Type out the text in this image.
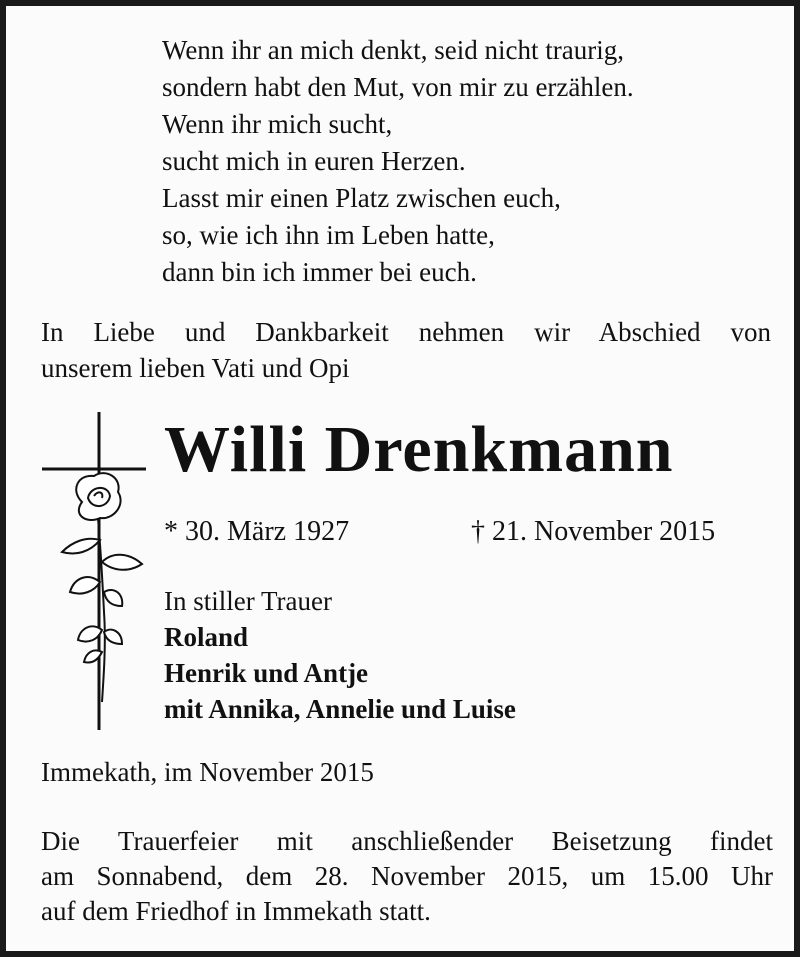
Wenn ihr an mich denkt, seid nicht traurig,
sondern habt den Mut, von mir zu erzählen.
Wenn ihr mich sucht,
sucht mich in euren Herzen.
Lasst mir einen Platz zwischen euch,
so, wie ich ihn im Leben hatte,
dann bin ich immer bei euch.
In Liebe und Dankbarkeit nehmen wir Abschied von
unserem lieben Vati und Opi
Willi Drenkmann
* 30. März 1927	† 21. November 2015
In stiller Trauer
Roland
Henrik und Antje
mit Annika, Annelie und Luise
Immekath, im November 2015
Die Trauerfeier mit anschließender Beisetzung findet
am Sonnabend, dem 28. November 2015, um 15.00 Uhr
auf dem Friedhof in Immekath statt.
